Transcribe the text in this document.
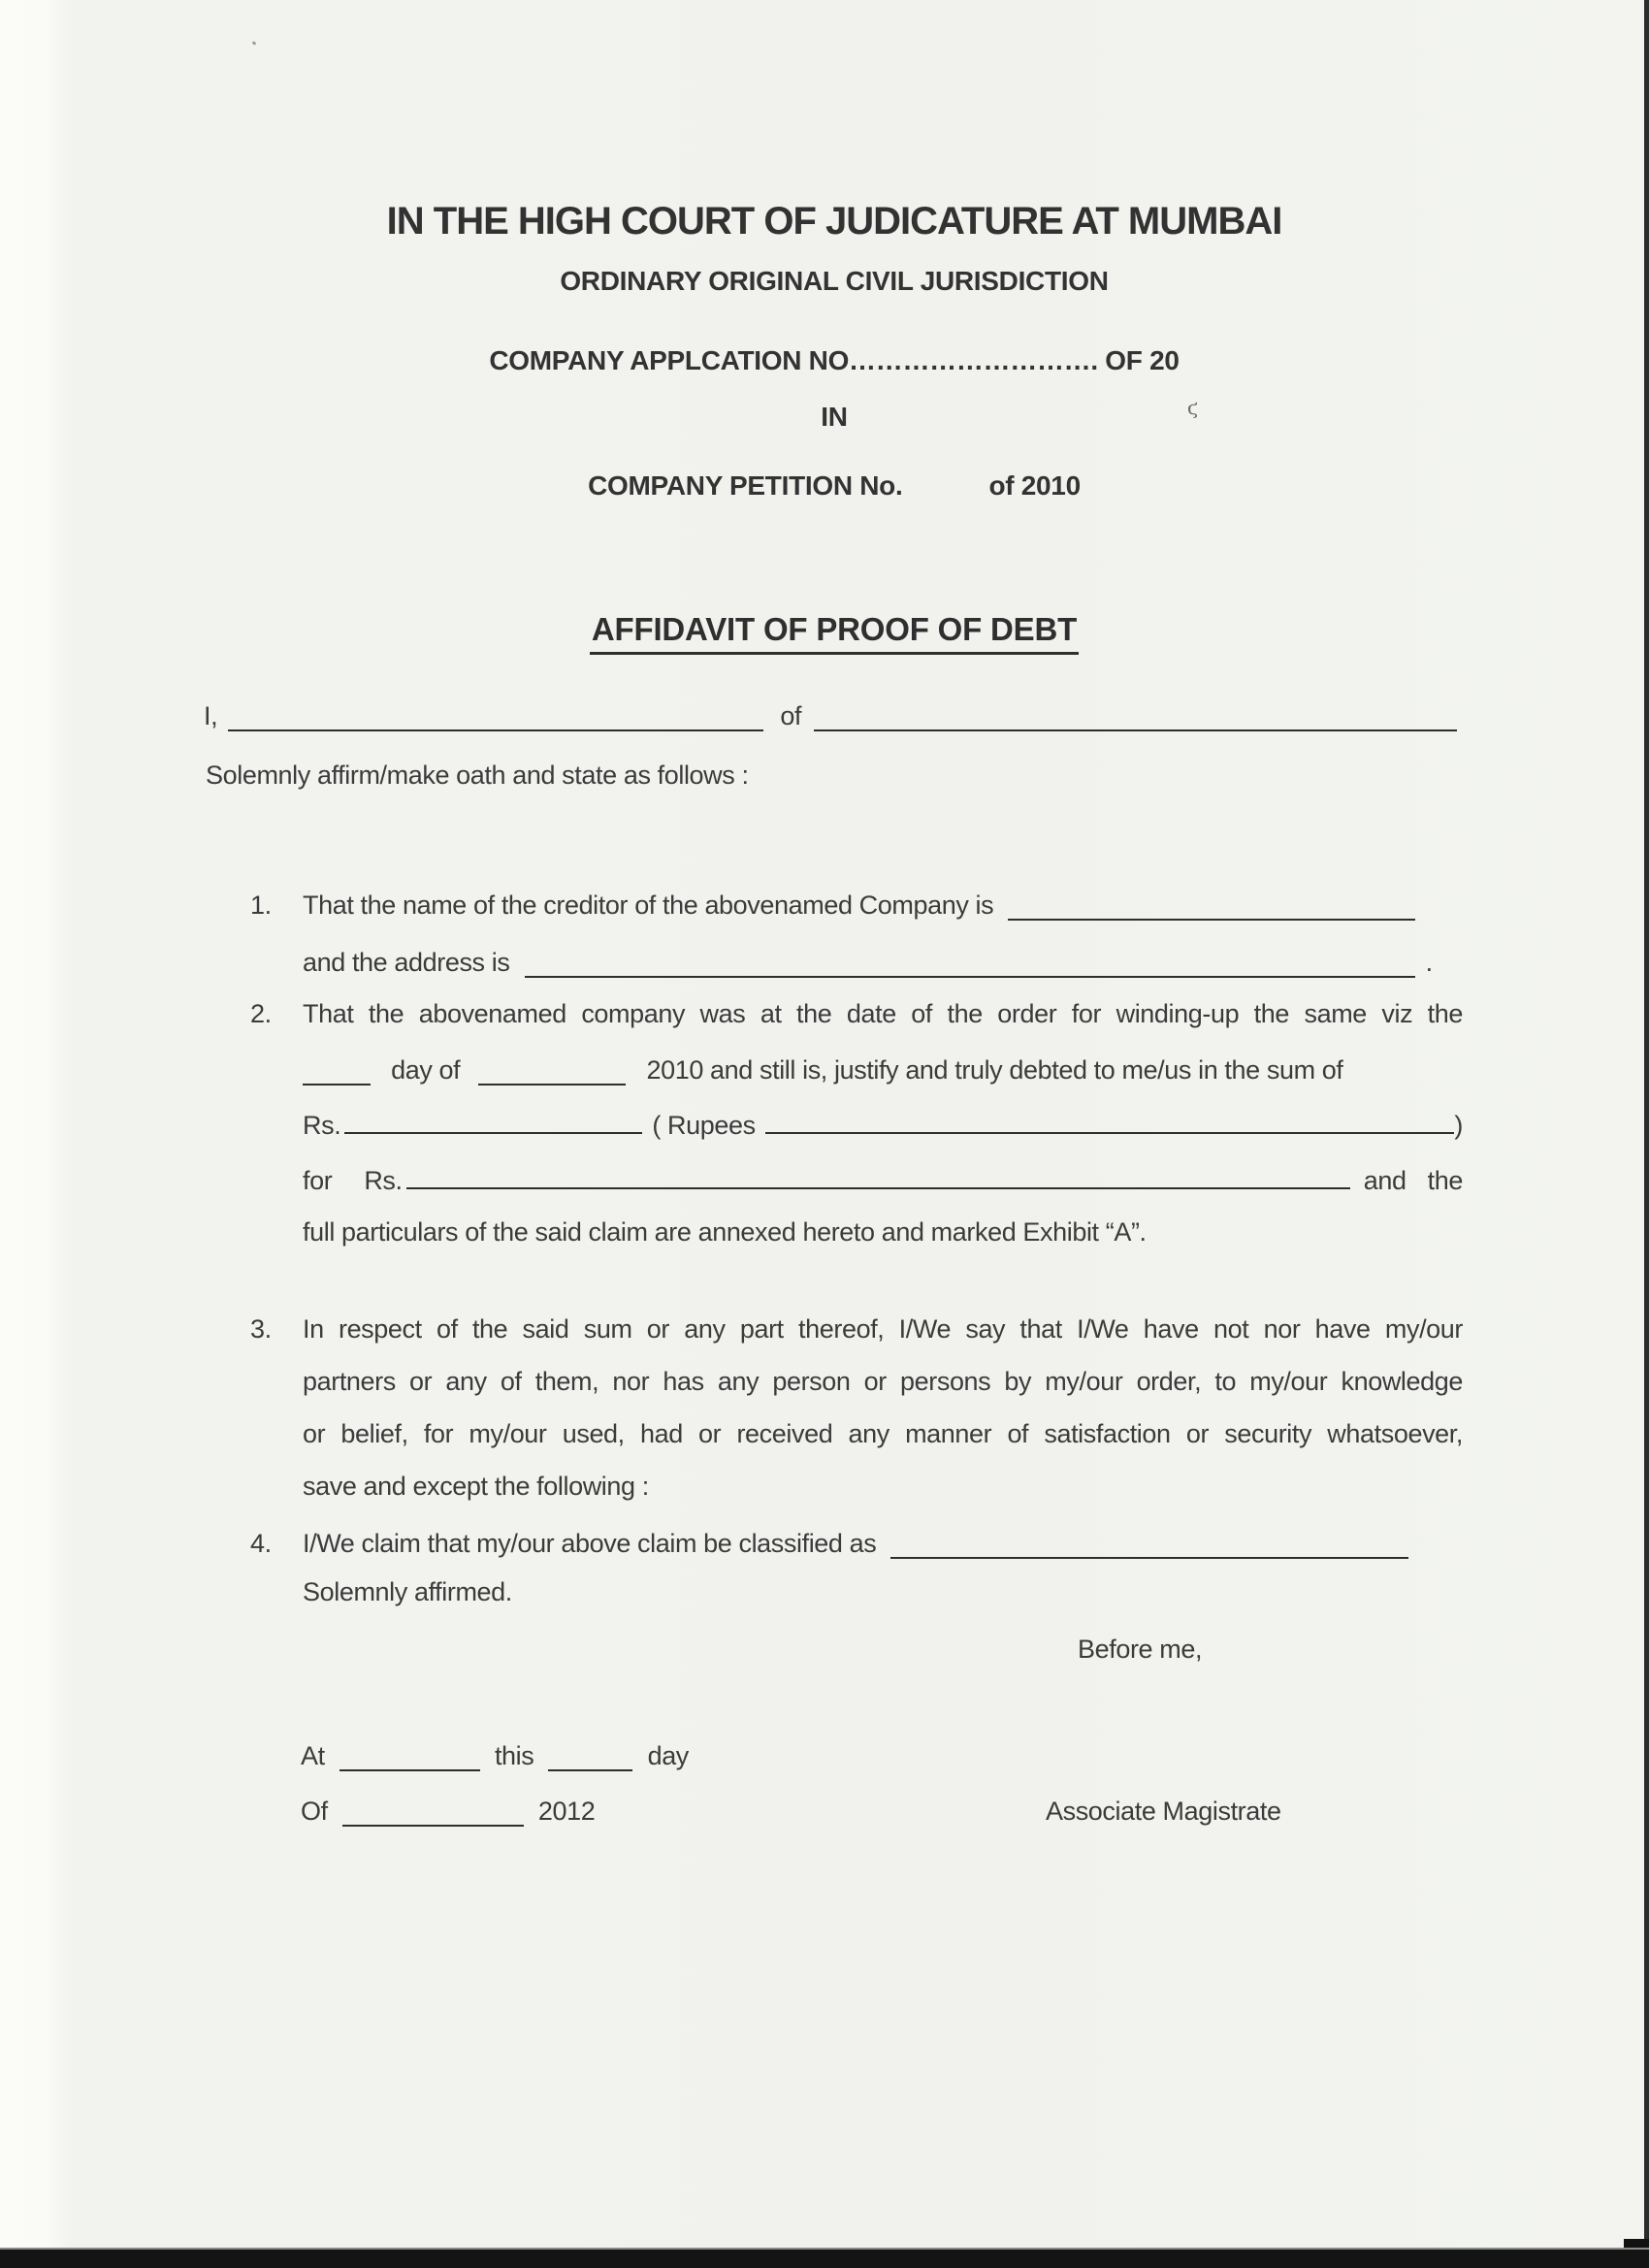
IN THE HIGH COURT OF JUDICATURE AT MUMBAI
ORDINARY ORIGINAL CIVIL JURISDICTION
COMPANY APPLCATION NO………………………. OF 20
IN
COMPANY PETITION No.	of 2010
ϛ
AFFIDAVIT OF PROOF OF DEBT
I,	of
Solemnly affirm/make oath and state as follows :
1. That the name of the creditor of the abovenamed Company is
and the address is	.
2. That the abovenamed company was at the date of the order for winding-up the same viz the
day of	2010 and still is, justify and truly debted to me/us in the sum of
Rs.	( Rupees	)
for Rs.	and the
full particulars of the said claim are annexed hereto and marked Exhibit “A”.
3. In respect of the said sum or any part thereof, I/We say that I/We have not nor have my/our
partners or any of them, nor has any person or persons by my/our order, to my/our knowledge
or belief, for my/our used, had or received any manner of satisfaction or security whatsoever,
save and except the following :
4. I/We claim that my/our above claim be classified as
Solemnly affirmed.
Before me,
At	this	day
Of	2012	Associate Magistrate
